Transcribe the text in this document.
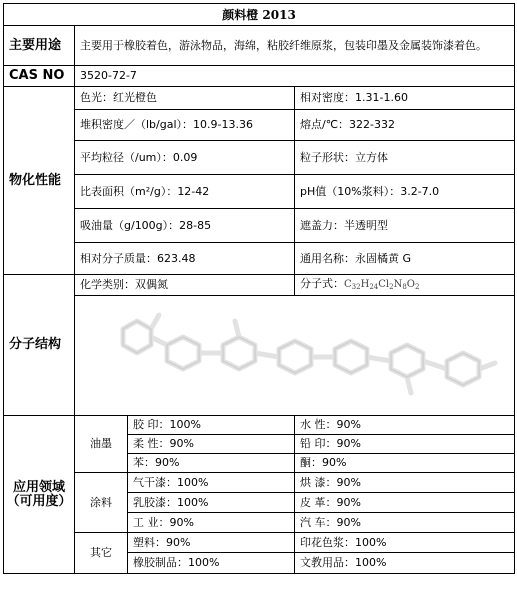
颜料橙 2013			
主要用途	主要用于橡胶着色，游泳物品，海绵，粘胶纤维原浆，包装印墨及金属装饰漆着色。		
CAS NO	3520-72-7		
物化性能	色光：红光橙色		相对密度：1.31-1.60
	堆积密度／（lb/gal）：10.9-13.36		熔点/℃：322-332
	平均粒径（/um）：0.09		粒子形状：立方体
	比表面积（m²/g）：12-42		pH值（10%浆料）：3.2-7.0
	吸油量（g/100g）：28-85		遮盖力：半透明型
	相对分子质量：623.48		通用名称：永固橘黄 G
分子结构	化学类别：双偶氮		分子式：$C_{32}H_{24}Cl_2N_8O_2$

应用领域
（可用度）	油墨	胶 印：100%	水 性：90%
		柔 性：90%	铅 印：90%
		苯：90%	酮：90%
	涂料	气干漆：100%	烘 漆：90%
		乳胶漆：100%	皮 革：90%
		工 业：90%	汽 车：90%
	其它	塑料：90%	印花色浆：100%
		橡胶制品：100%	文教用品：100%
